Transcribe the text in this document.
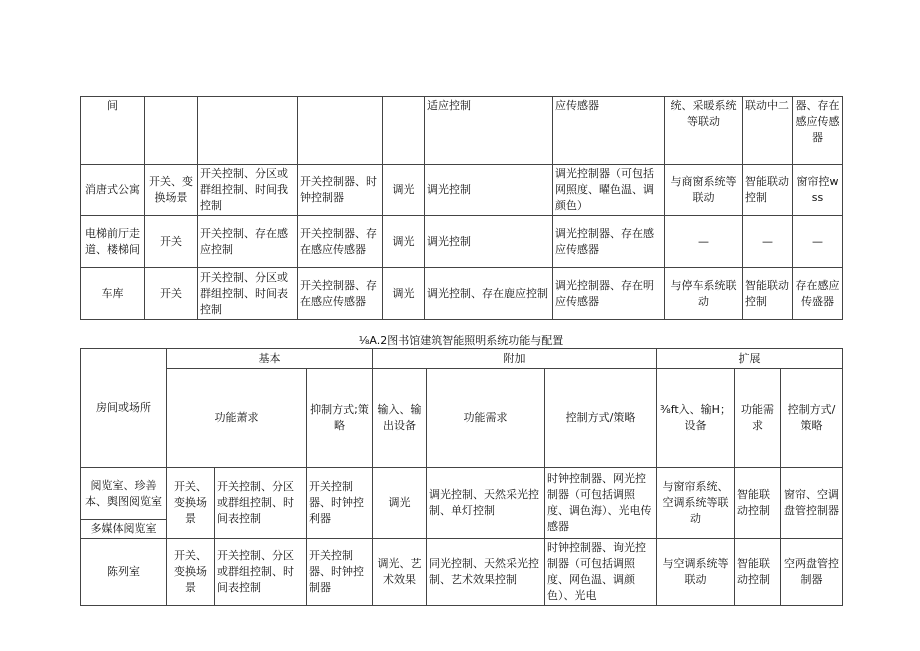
间					适应控制	应传感器	统、采暖系统等联动	联动中二	器、存在感应传感器
消唐式公寓	开关、变换场景	开关控制、分区或群组控制、时间我控制	开关控制器、时钟控制器	调光	调光控制	调光控制器（可包括网照度、曜色温、调颜色）	与商窗系统等联动	智能联动控制	窗帘控wss
电梯前厅走道、楼梯间	开关	开关控制、存在感应控制	开关控制器、存在感应传感器	调光	调光控制	调光控制器、存在感应传感器	—	—	—
车库	开关	开关控制、分区或群组控制、时间表控制	开关控制器、存在感应传感器	调光	调光控制、存在鹿应控制	调光控制器、存在明应传感器	与停车系统联动	智能联动控制	存在感应传盛器
⅛A.2图书馆建筑智能照明系统功能与配置
房间或场所	基本			附加			扩展			
	功能萧求		抑制方式;策略	输入、输出设备	功能需求	控制方式/策略	⅜ft入、输H；设备	功能需求	控制方式/策略	
阅览室、珍善本、舆图阅览室	开关、变换场景	开关控制、分区或群组控制、时间表控制	开关控制器、时钟控利器	调光	调光控制、天然采光控制、单灯控制	时钟控制器、网光控制器（可包括调照度、调色海）、光电传感器	与窗帘系统、空调系统等联动	智能联动控制	窗帘、空调盘管控制器	
多媒体阅览室										
陈列室	开关、变换场景	开关控制、分区或群组控制、时间表控制	开关控制器、时钟控制器	调光、艺术效果	同光控制、天然采光控制、艺术效果控制	时钟控制器、询光控制器（可包括调照度、网色温、调颜色）、光电	与空调系统等联动	智能联动控制	空两盘管控制器	
